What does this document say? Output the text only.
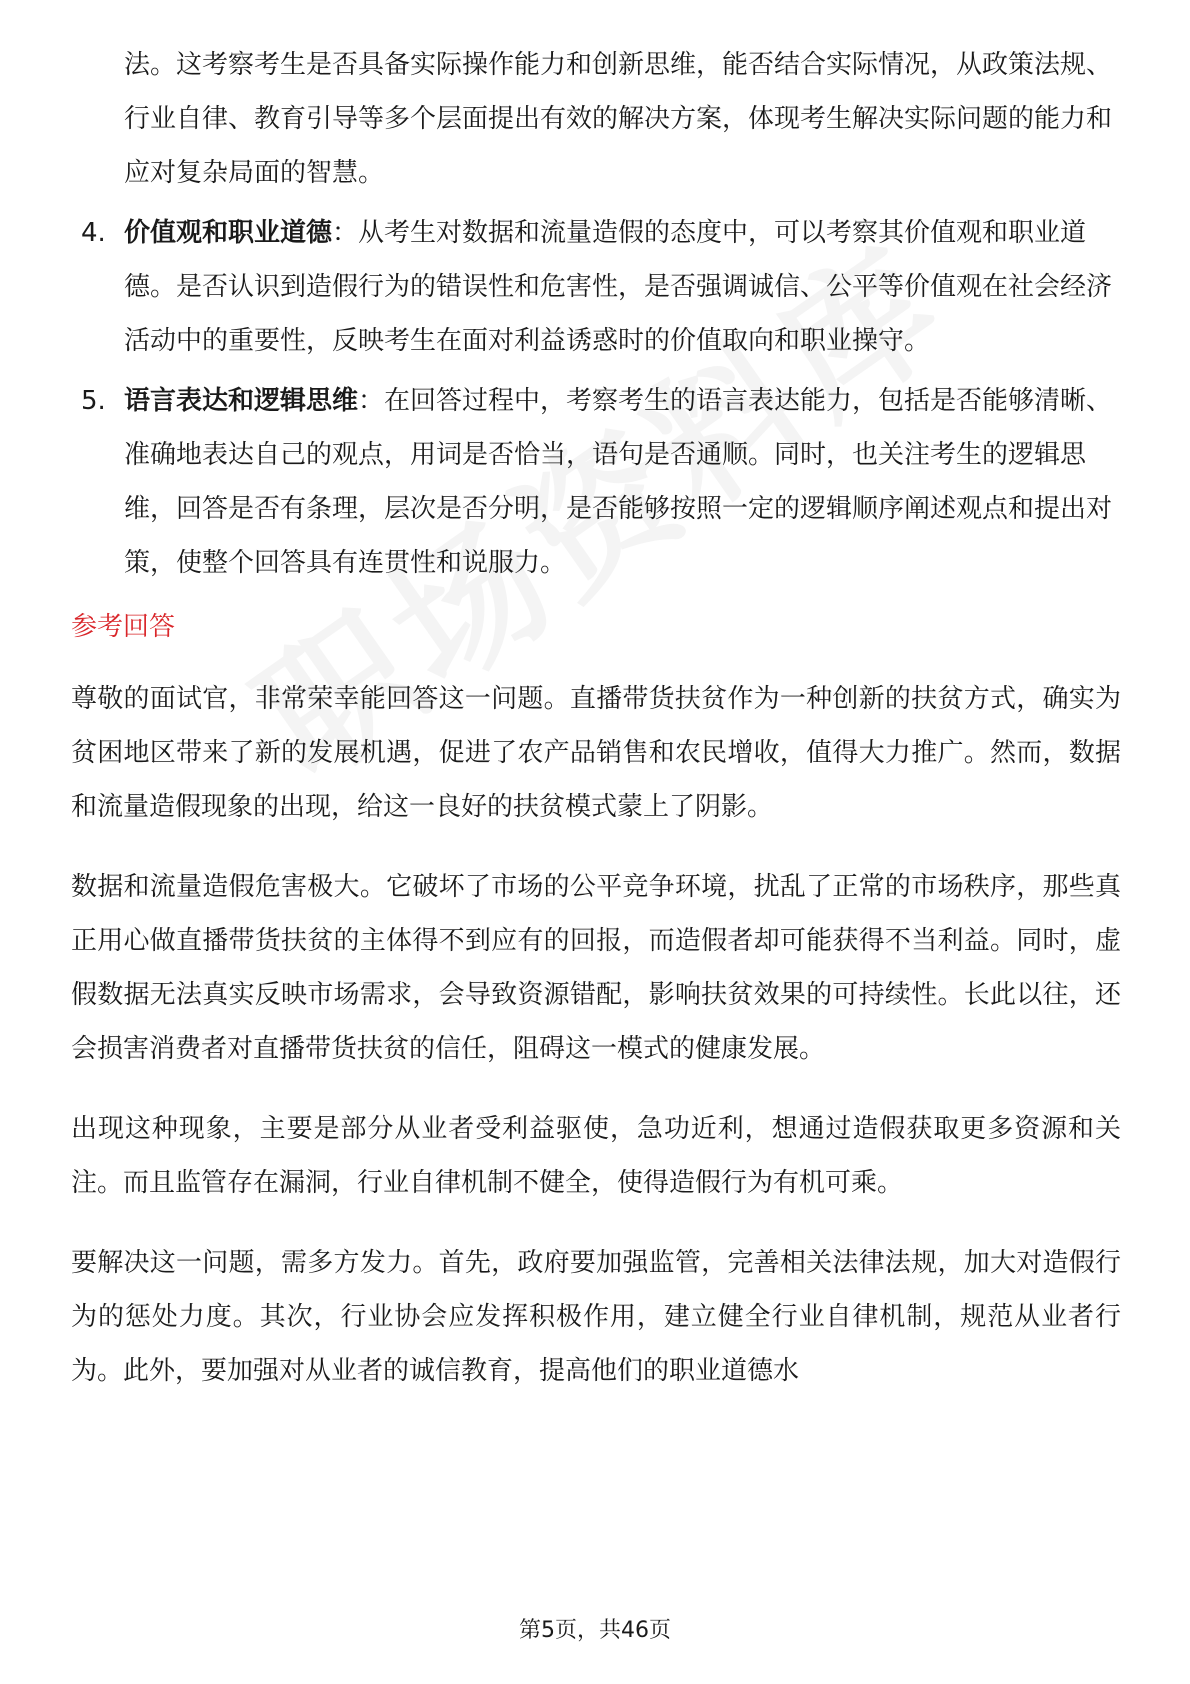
法。这考察考生是否具备实际操作能力和创新思维，能否结合实际情况，从政策法规、行业自律、教育引导等多个层面提出有效的解决方案，体现考生解决实际问题的能力和应对复杂局面的智慧。
4. 价值观和职业道德：从考生对数据和流量造假的态度中，可以考察其价值观和职业道德。是否认识到造假行为的错误性和危害性，是否强调诚信、公平等价值观在社会经济活动中的重要性，反映考生在面对利益诱惑时的价值取向和职业操守。
5. 语言表达和逻辑思维：在回答过程中，考察考生的语言表达能力，包括是否能够清晰、准确地表达自己的观点，用词是否恰当，语句是否通顺。同时，也关注考生的逻辑思维，回答是否有条理，层次是否分明，是否能够按照一定的逻辑顺序阐述观点和提出对策，使整个回答具有连贯性和说服力。
参考回答

尊敬的面试官，非常荣幸能回答这一问题。直播带货扶贫作为一种创新的扶贫方式，确实为贫困地区带来了新的发展机遇，促进了农产品销售和农民增收，值得大力推广。然而，数据和流量造假现象的出现，给这一良好的扶贫模式蒙上了阴影。

数据和流量造假危害极大。它破坏了市场的公平竞争环境，扰乱了正常的市场秩序，那些真正用心做直播带货扶贫的主体得不到应有的回报，而造假者却可能获得不当利益。同时，虚假数据无法真实反映市场需求，会导致资源错配，影响扶贫效果的可持续性。长此以往，还会损害消费者对直播带货扶贫的信任，阻碍这一模式的健康发展。

出现这种现象，主要是部分从业者受利益驱使，急功近利，想通过造假获取更多资源和关注。而且监管存在漏洞，行业自律机制不健全，使得造假行为有机可乘。

要解决这一问题，需多方发力。首先，政府要加强监管，完善相关法律法规，加大对造假行为的惩处力度。其次，行业协会应发挥积极作用，建立健全行业自律机制，规范从业者行为。此外，要加强对从业者的诚信教育，提高他们的职业道德水

第5页，共46页
